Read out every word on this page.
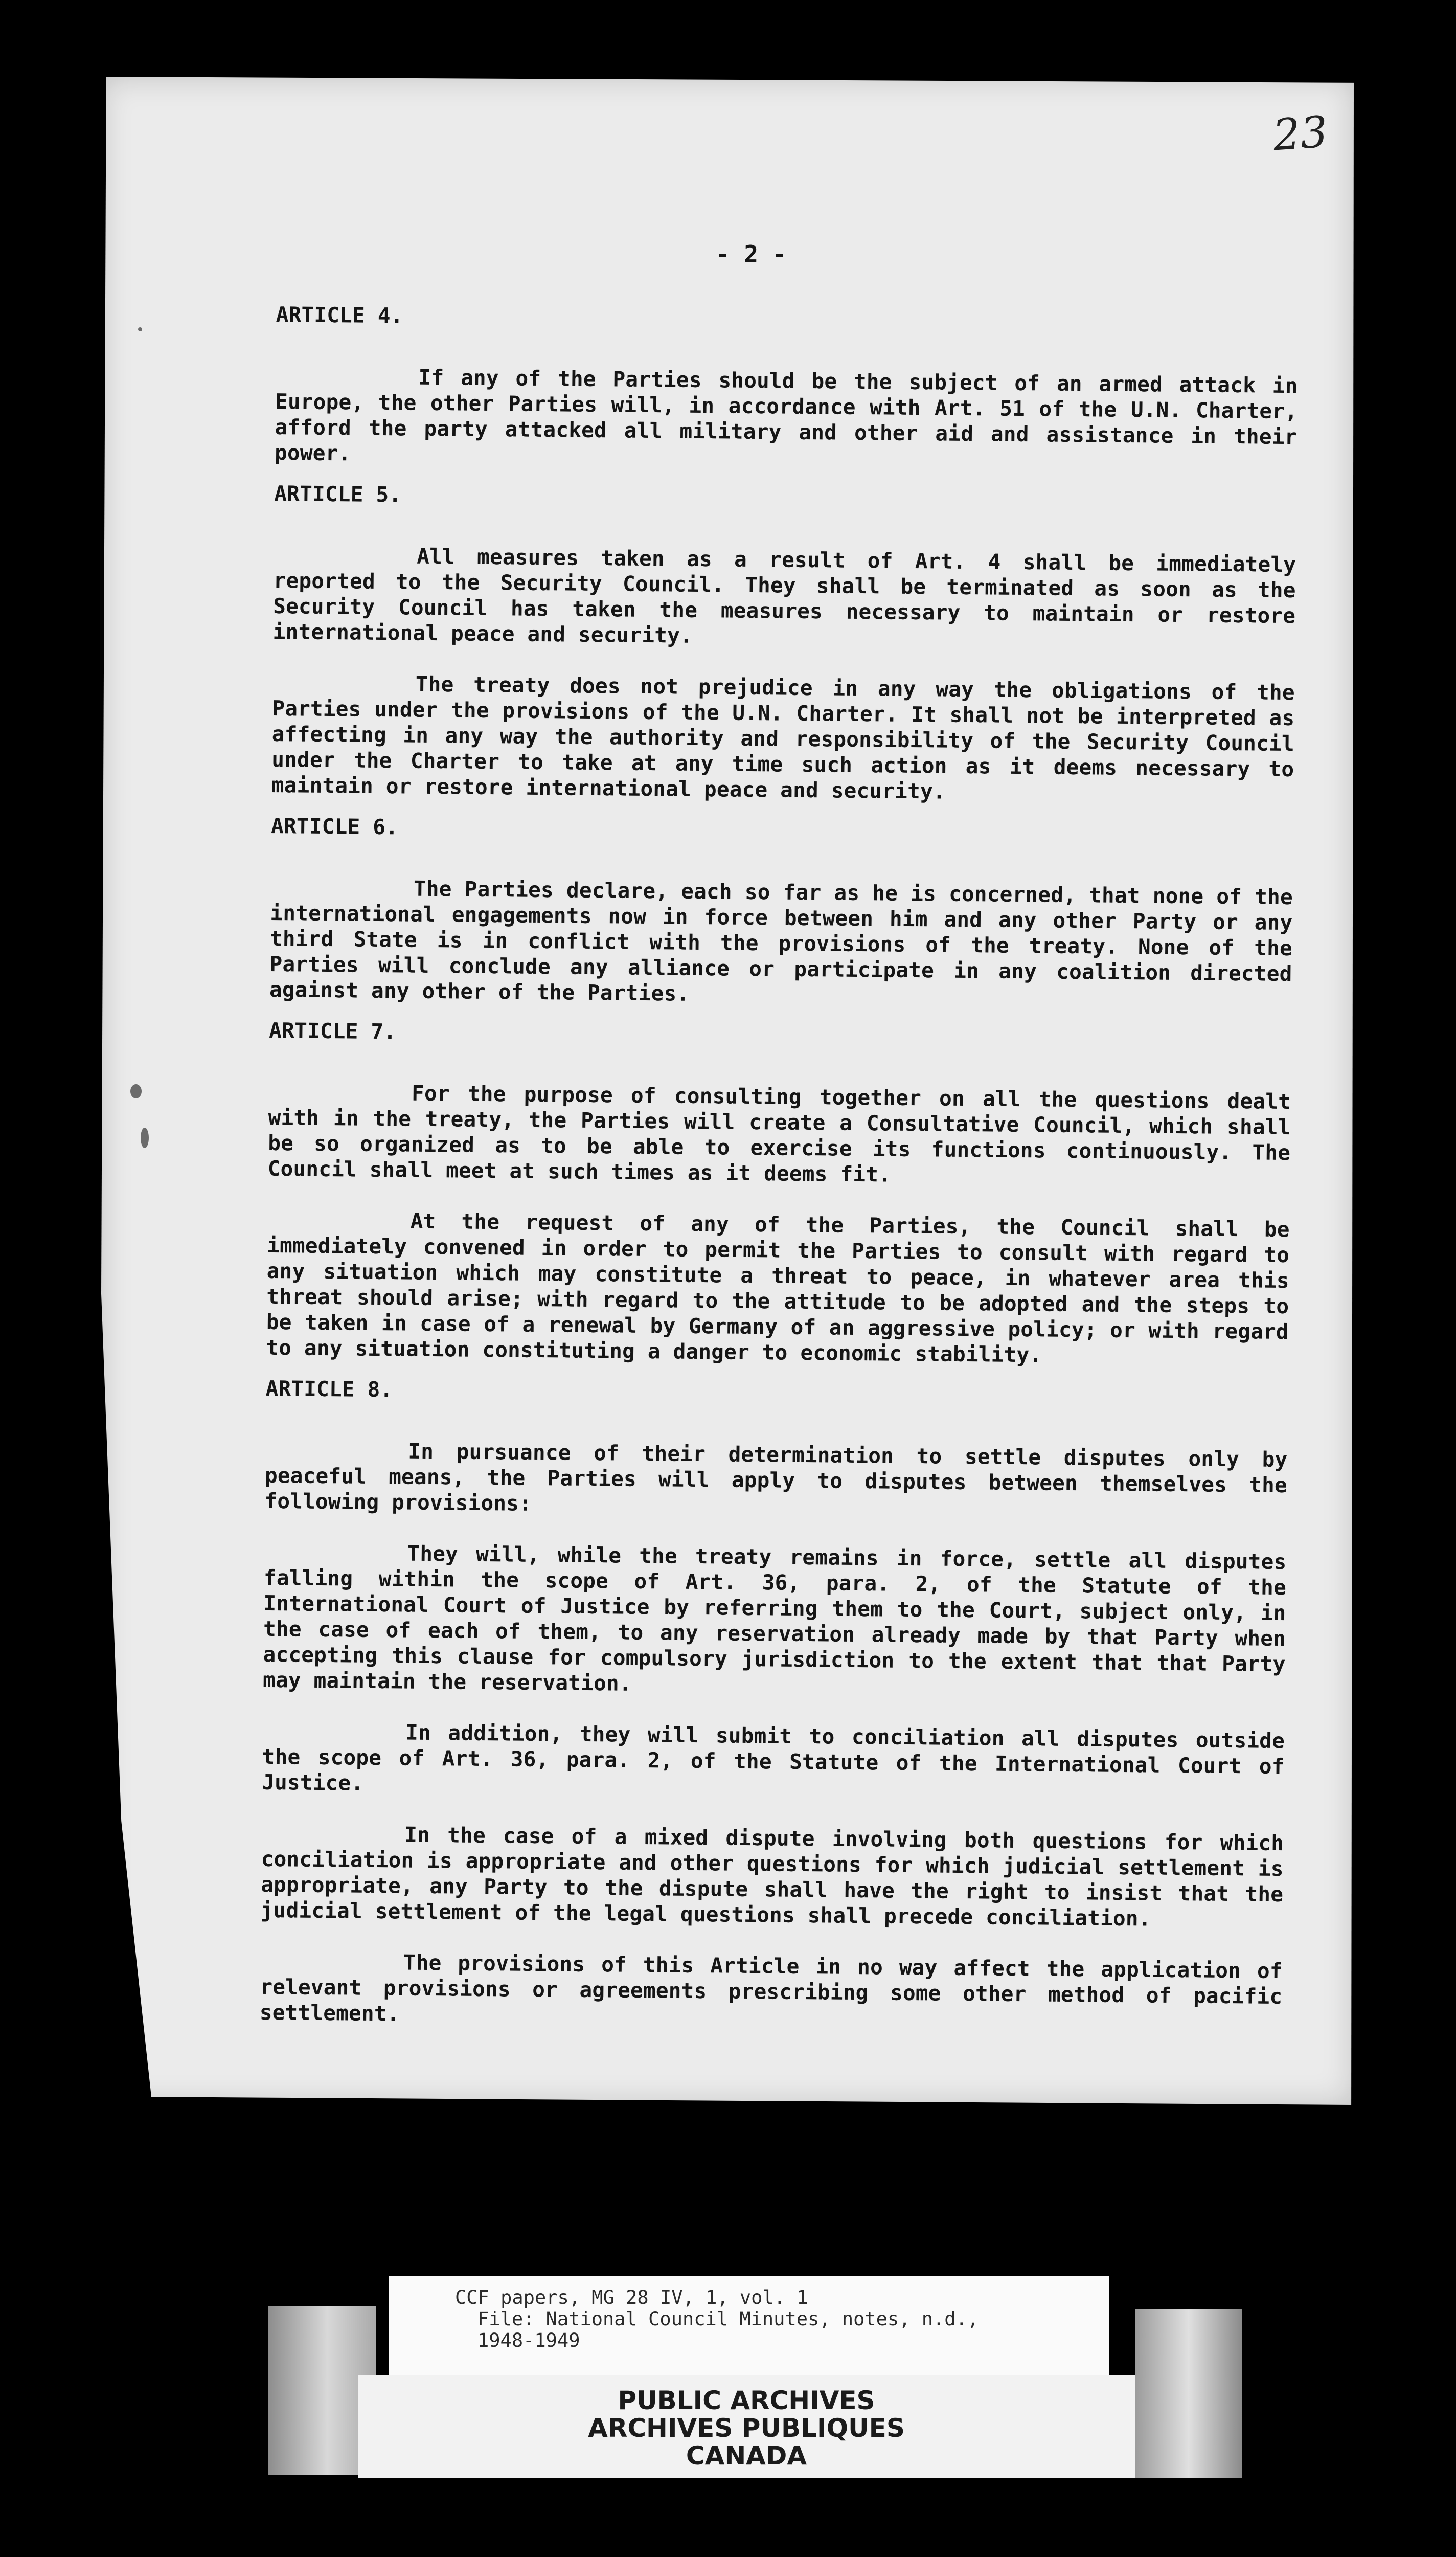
23
- 2 -

ARTICLE 4.

If any of the Parties should be the subject of an armed attack in Europe, the other Parties will, in accordance with Art. 51 of the U.N. Charter, afford the party attacked all military and other aid and assistance in their power.

ARTICLE 5.

All measures taken as a result of Art. 4 shall be immediately reported to the Security Council. They shall be terminated as soon as the Security Council has taken the measures necessary to maintain or restore international peace and security.

The treaty does not prejudice in any way the obligations of the Parties under the provisions of the U.N. Charter. It shall not be interpreted as affecting in any way the authority and responsibility of the Security Council under the Charter to take at any time such action as it deems necessary to maintain or restore international peace and security.

ARTICLE 6.

The Parties declare, each so far as he is concerned, that none of the international engagements now in force between him and any other Party or any third State is in conflict with the provisions of the treaty. None of the Parties will conclude any alliance or participate in any coalition directed against any other of the Parties.

ARTICLE 7.

For the purpose of consulting together on all the questions dealt with in the treaty, the Parties will create a Consultative Council, which shall be so organized as to be able to exercise its functions continuously. The Council shall meet at such times as it deems fit.

At the request of any of the Parties, the Council shall be immediately convened in order to permit the Parties to consult with regard to any situation which may constitute a threat to peace, in whatever area this threat should arise; with regard to the attitude to be adopted and the steps to be taken in case of a renewal by Germany of an aggressive policy; or with regard to any situation constituting a danger to economic stability.

ARTICLE 8.

In pursuance of their determination to settle disputes only by peaceful means, the Parties will apply to disputes between themselves the following provisions:

They will, while the treaty remains in force, settle all disputes falling within the scope of Art. 36, para. 2, of the Statute of the International Court of Justice by referring them to the Court, subject only, in the case of each of them, to any reservation already made by that Party when accepting this clause for compulsory jurisdiction to the extent that that Party may maintain the reservation.

In addition, they will submit to conciliation all disputes outside the scope of Art. 36, para. 2, of the Statute of the International Court of Justice.

In the case of a mixed dispute involving both questions for which conciliation is appropriate and other questions for which judicial settlement is appropriate, any Party to the dispute shall have the right to insist that the judicial settlement of the legal questions shall precede conciliation.

The provisions of this Article in no way affect the application of relevant provisions or agreements prescribing some other method of pacific settlement.

CCF papers, MG 28 IV, 1, vol. 1
File: National Council Minutes, notes, n.d.,
1948-1949
PUBLIC ARCHIVES
ARCHIVES PUBLIQUES
CANADA
